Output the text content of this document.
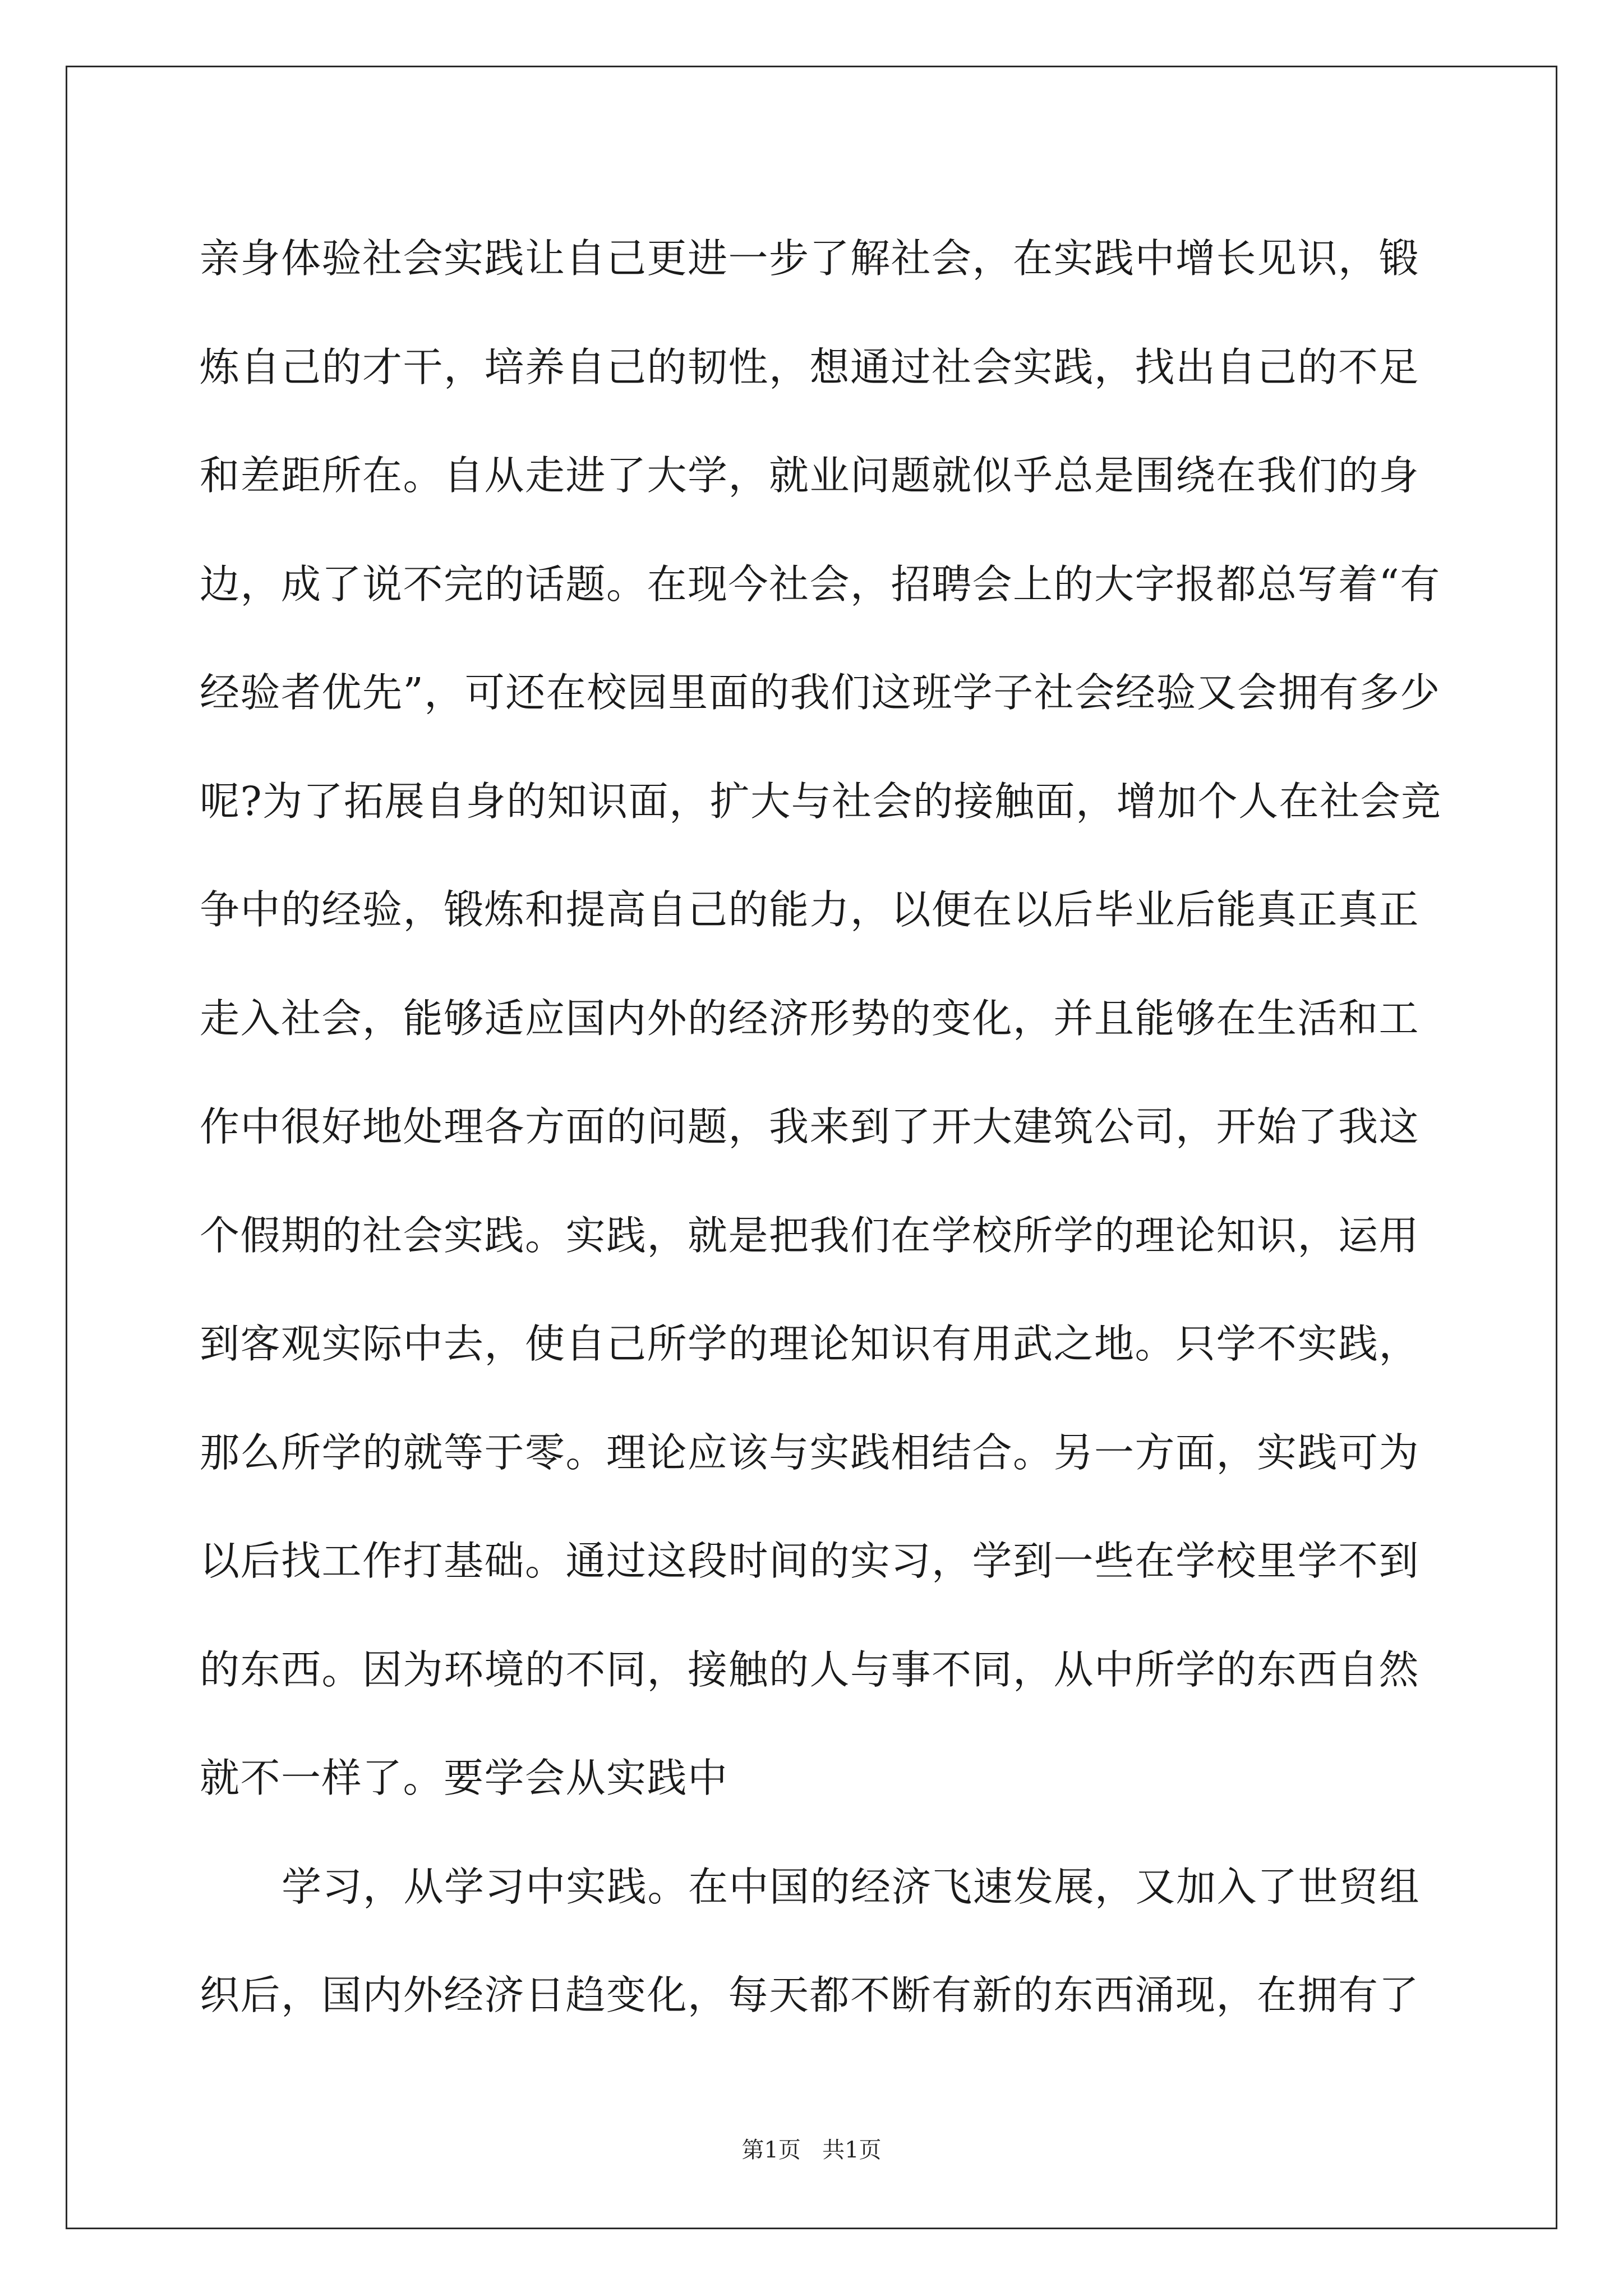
亲身体验社会实践让自己更进一步了解社会，在实践中增长见识，锻
炼自己的才干，培养自己的韧性，想通过社会实践，找出自己的不足
和差距所在。自从走进了大学，就业问题就似乎总是围绕在我们的身
边，成了说不完的话题。在现今社会，招聘会上的大字报都总写着“有
经验者优先”，可还在校园里面的我们这班学子社会经验又会拥有多少
呢?为了拓展自身的知识面，扩大与社会的接触面，增加个人在社会竞
争中的经验，锻炼和提高自己的能力，以便在以后毕业后能真正真正
走入社会，能够适应国内外的经济形势的变化，并且能够在生活和工
作中很好地处理各方面的问题，我来到了开大建筑公司，开始了我这
个假期的社会实践。实践，就是把我们在学校所学的理论知识，运用
到客观实际中去，使自己所学的理论知识有用武之地。只学不实践，
那么所学的就等于零。理论应该与实践相结合。另一方面，实践可为
以后找工作打基础。通过这段时间的实习，学到一些在学校里学不到
的东西。因为环境的不同，接触的人与事不同，从中所学的东西自然
就不一样了。要学会从实践中
学习，从学习中实践。在中国的经济飞速发展，又加入了世贸组
织后，国内外经济日趋变化，每天都不断有新的东西涌现，在拥有了
第1页 共1页
